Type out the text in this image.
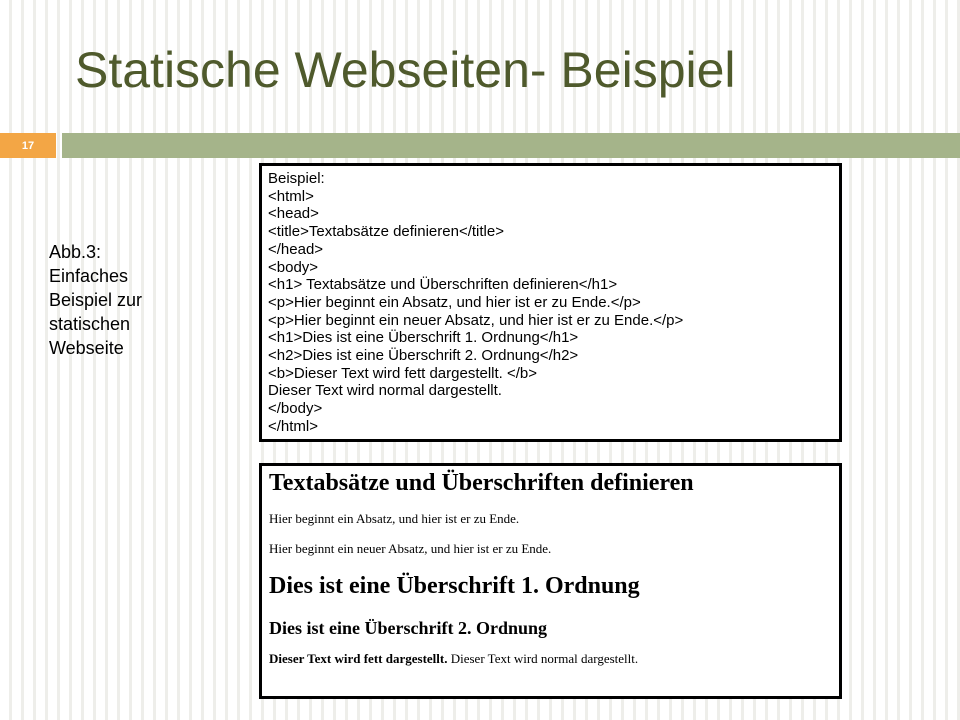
Statische Webseiten- Beispiel
17
Abb.3:
Einfaches
Beispiel zur
statischen
Webseite
Beispiel:
<html>
<head>
<title>Textabsätze definieren</title>
</head>
<body>
<h1> Textabsätze und Überschriften definieren</h1>
<p>Hier beginnt ein Absatz, und hier ist er zu Ende.</p>
<p>Hier beginnt ein neuer Absatz, und hier ist er zu Ende.</p>
<h1>Dies ist eine Überschrift 1. Ordnung</h1>
<h2>Dies ist eine Überschrift 2. Ordnung</h2>
<b>Dieser Text wird fett dargestellt. </b>
Dieser Text wird normal dargestellt.
</body>
</html>
Textabsätze und Überschriften definieren
Hier beginnt ein Absatz, und hier ist er zu Ende.
Hier beginnt ein neuer Absatz, und hier ist er zu Ende.
Dies ist eine Überschrift 1. Ordnung
Dies ist eine Überschrift 2. Ordnung
Dieser Text wird fett dargestellt. Dieser Text wird normal dargestellt.
